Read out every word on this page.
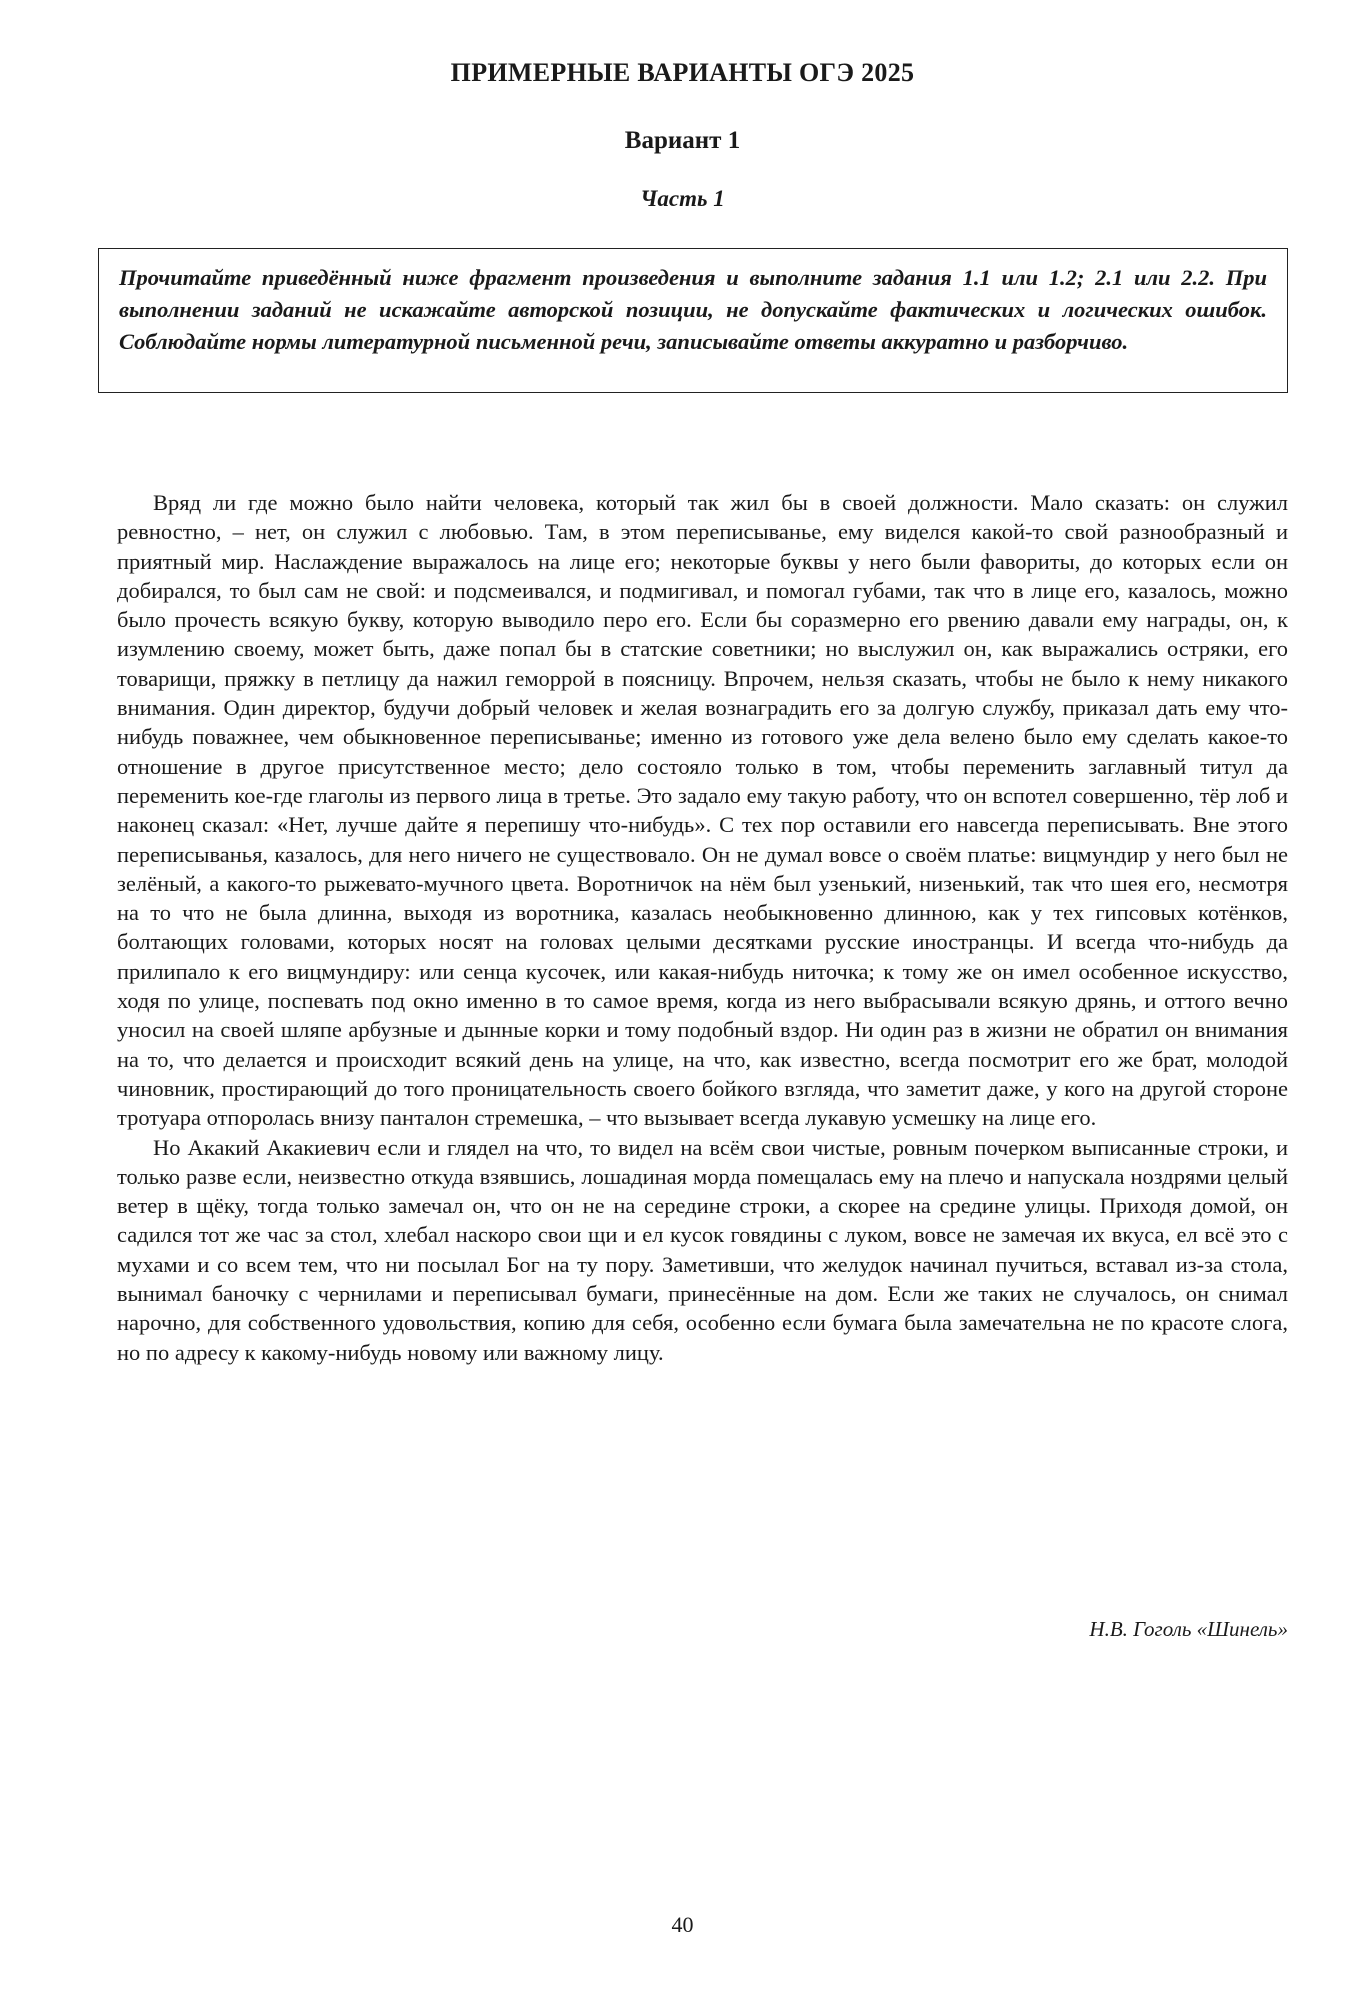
ПРИМЕРНЫЕ ВАРИАНТЫ ОГЭ 2025
Вариант 1
Часть 1

Прочитайте приведённый ниже фрагмент произведения и выполните задания 1.1 или 1.2; 2.1 или 2.2. При выполнении заданий не искажайте авторской позиции, не допускайте фактических и логических ошибок. Соблюдайте нормы литературной письменной речи, записывайте ответы аккуратно и разборчиво.

Вряд ли где можно было найти человека, который так жил бы в своей должности. Мало сказать: он служил ревностно, – нет, он служил с любовью. Там, в этом переписыванье, ему виделся какой-то свой разнообразный и приятный мир. Наслаждение выражалось на лице его; некоторые буквы у него были фавориты, до которых если он добирался, то был сам не свой: и подсмеивался, и подмигивал, и помогал губами, так что в лице его, казалось, можно было прочесть всякую букву, которую выводило перо его. Если бы соразмерно его рвению давали ему награды, он, к изумлению своему, может быть, даже попал бы в статские советники; но выслужил он, как выражались остряки, его товарищи, пряжку в петлицу да нажил геморрой в поясницу. Впрочем, нельзя сказать, чтобы не было к нему никакого внимания. Один директор, будучи добрый человек и желая вознаградить его за долгую службу, приказал дать ему что-нибудь поважнее, чем обыкновенное переписыванье; именно из готового уже дела велено было ему сделать какое-то отношение в другое присутственное место; дело состояло только в том, чтобы переменить заглавный титул да переменить кое-где глаголы из первого лица в третье. Это задало ему такую работу, что он вспотел совершенно, тёр лоб и наконец сказал: «Нет, лучше дайте я перепишу что-нибудь». С тех пор оставили его навсегда переписывать. Вне этого переписыванья, казалось, для него ничего не существовало. Он не думал вовсе о своём платье: вицмундир у него был не зелёный, а какого-то рыжевато-мучного цвета. Воротничок на нём был узенький, низенький, так что шея его, несмотря на то что не была длинна, выходя из воротника, казалась необыкновенно длинною, как у тех гипсовых котёнков, болтающих головами, которых носят на головах целыми десятками русские иностранцы. И всегда что-нибудь да прилипало к его вицмундиру: или сенца кусочек, или какая-нибудь ниточка; к тому же он имел особенное искусство, ходя по улице, поспевать под окно именно в то самое время, когда из него выбрасывали всякую дрянь, и оттого вечно уносил на своей шляпе арбузные и дынные корки и тому подобный вздор. Ни один раз в жизни не обратил он внимания на то, что делается и происходит всякий день на улице, на что, как известно, всегда посмотрит его же брат, молодой чиновник, простирающий до того проницательность своего бойкого взгляда, что заметит даже, у кого на другой стороне тротуара отпоролась внизу панталон стремешка, – что вызывает всегда лукавую усмешку на лице его.

Но Акакий Акакиевич если и глядел на что, то видел на всём свои чистые, ровным почерком выписанные строки, и только разве если, неизвестно откуда взявшись, лошадиная морда помещалась ему на плечо и напускала ноздрями целый ветер в щёку, тогда только замечал он, что он не на середине строки, а скорее на средине улицы. Приходя домой, он садился тот же час за стол, хлебал наскоро свои щи и ел кусок говядины с луком, вовсе не замечая их вкуса, ел всё это с мухами и со всем тем, что ни посылал Бог на ту пору. Заметивши, что желудок начинал пучиться, вставал из-за стола, вынимал баночку с чернилами и переписывал бумаги, принесённые на дом. Если же таких не случалось, он снимал нарочно, для собственного удовольствия, копию для себя, особенно если бумага была замечательна не по красоте слога, но по адресу к какому-нибудь новому или важному лицу.

Н.В. Гоголь «Шинель»
40
